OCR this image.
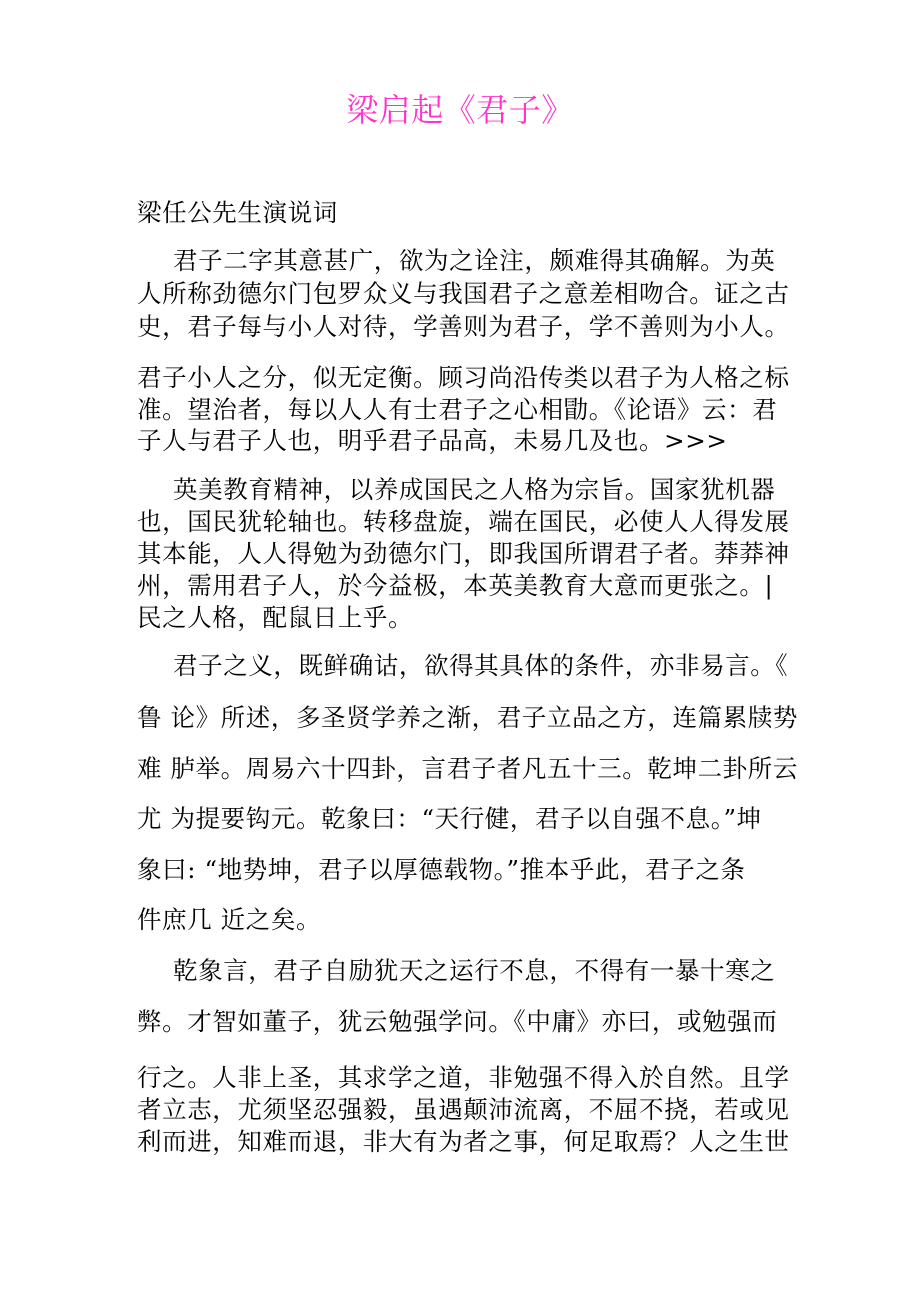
梁启起《君子》

梁任公先生演说词

君子二字其意甚广，欲为之诠注，颇难得其确解。为英

人所称劲德尔门包罗众义与我国君子之意差相吻合。证之古

史，君子每与小人对待，学善则为君子，学不善则为小人。

君子小人之分，似无定衡。顾习尚沿传类以君子为人格之标

准。望治者，每以人人有士君子之心相勖。《论语》云：君

子人与君子人也，明乎君子品高，未易几及也。>>>

英美教育精神，以养成国民之人格为宗旨。国家犹机器

也，国民犹轮轴也。转移盘旋，端在国民，必使人人得发展

其本能，人人得勉为劲德尔门，即我国所谓君子者。莽莽神

州，需用君子人，於今益极，本英美教育大意而更张之。|

民之人格，配鼠日上乎。

君子之义，既鲜确诂，欲得其具体的条件，亦非易言。《

鲁 论》所述，多圣贤学养之渐，君子立品之方，连篇累牍势

难 胪举。周易六十四卦，言君子者凡五十三。乾坤二卦所云

尤 为提要钩元。乾象曰：“天行健，君子以自强不息。”坤

象曰: “地势坤，君子以厚德载物。”推本乎此，君子之条

件庶几 近之矣。

乾象言，君子自励犹天之运行不息，不得有一暴十寒之

弊。才智如董子，犹云勉强学问。《中庸》亦曰，或勉强而

行之。人非上圣，其求学之道，非勉强不得入於自然。且学

者立志，尤须坚忍强毅，虽遇颠沛流离，不屈不挠，若或见

利而进，知难而退，非大有为者之事，何足取焉？人之生世
